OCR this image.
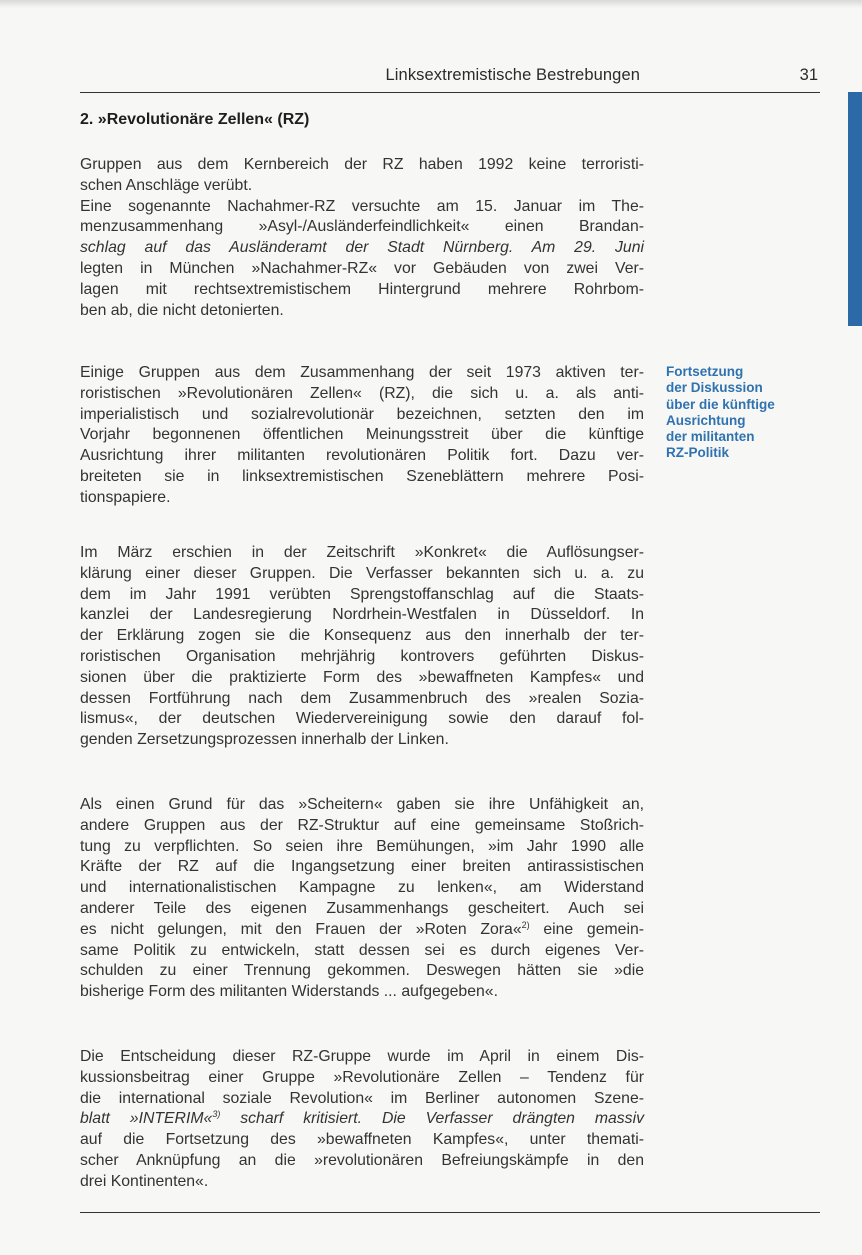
Linksextremistische Bestrebungen	31
2. »Revolutionäre Zellen« (RZ)
Gruppen aus dem Kernbereich der RZ haben 1992 keine terroristi-
schen Anschläge verübt.
Eine sogenannte Nachahmer-RZ versuchte am 15. Januar im The-
menzusammenhang »Asyl-/Ausländerfeindlichkeit« einen Brandan-
schlag auf das Ausländeramt der Stadt Nürnberg. Am 29. Juni
legten in München »Nachahmer-RZ« vor Gebäuden von zwei Ver-
lagen mit rechtsextremistischem Hintergrund mehrere Rohrbom-
ben ab, die nicht detonierten.
Fortsetzung
der Diskussion
über die künftige
Ausrichtung
der militanten
RZ-Politik
Einige Gruppen aus dem Zusammenhang der seit 1973 aktiven ter-
roristischen »Revolutionären Zellen« (RZ), die sich u. a. als anti-
imperialistisch und sozialrevolutionär bezeichnen, setzten den im
Vorjahr begonnenen öffentlichen Meinungsstreit über die künftige
Ausrichtung ihrer militanten revolutionären Politik fort. Dazu ver-
breiteten sie in linksextremistischen Szeneblättern mehrere Posi-
tionspapiere.
Im März erschien in der Zeitschrift »Konkret« die Auflösungser-
klärung einer dieser Gruppen. Die Verfasser bekannten sich u. a. zu
dem im Jahr 1991 verübten Sprengstoffanschlag auf die Staats-
kanzlei der Landesregierung Nordrhein-Westfalen in Düsseldorf. In
der Erklärung zogen sie die Konsequenz aus den innerhalb der ter-
roristischen Organisation mehrjährig kontrovers geführten Diskus-
sionen über die praktizierte Form des »bewaffneten Kampfes« und
dessen Fortführung nach dem Zusammenbruch des »realen Sozia-
lismus«, der deutschen Wiedervereinigung sowie den darauf fol-
genden Zersetzungsprozessen innerhalb der Linken.
Als einen Grund für das »Scheitern« gaben sie ihre Unfähigkeit an,
andere Gruppen aus der RZ-Struktur auf eine gemeinsame Stoßrich-
tung zu verpflichten. So seien ihre Bemühungen, »im Jahr 1990 alle
Kräfte der RZ auf die Ingangsetzung einer breiten antirassistischen
und internationalistischen Kampagne zu lenken«, am Widerstand
anderer Teile des eigenen Zusammenhangs gescheitert. Auch sei
es nicht gelungen, mit den Frauen der »Roten Zora«$^{2)}$ eine gemein-
same Politik zu entwickeln, statt dessen sei es durch eigenes Ver-
schulden zu einer Trennung gekommen. Deswegen hätten sie »die
bisherige Form des militanten Widerstands ... aufgegeben«.
Die Entscheidung dieser RZ-Gruppe wurde im April in einem Dis-
kussionsbeitrag einer Gruppe »Revolutionäre Zellen – Tendenz für
die international soziale Revolution« im Berliner autonomen Szene-
blatt »INTERIM«$^{3)}$ scharf kritisiert. Die Verfasser drängten massiv
auf die Fortsetzung des »bewaffneten Kampfes«, unter themati-
scher Anknüpfung an die »revolutionären Befreiungskämpfe in den
drei Kontinenten«.
